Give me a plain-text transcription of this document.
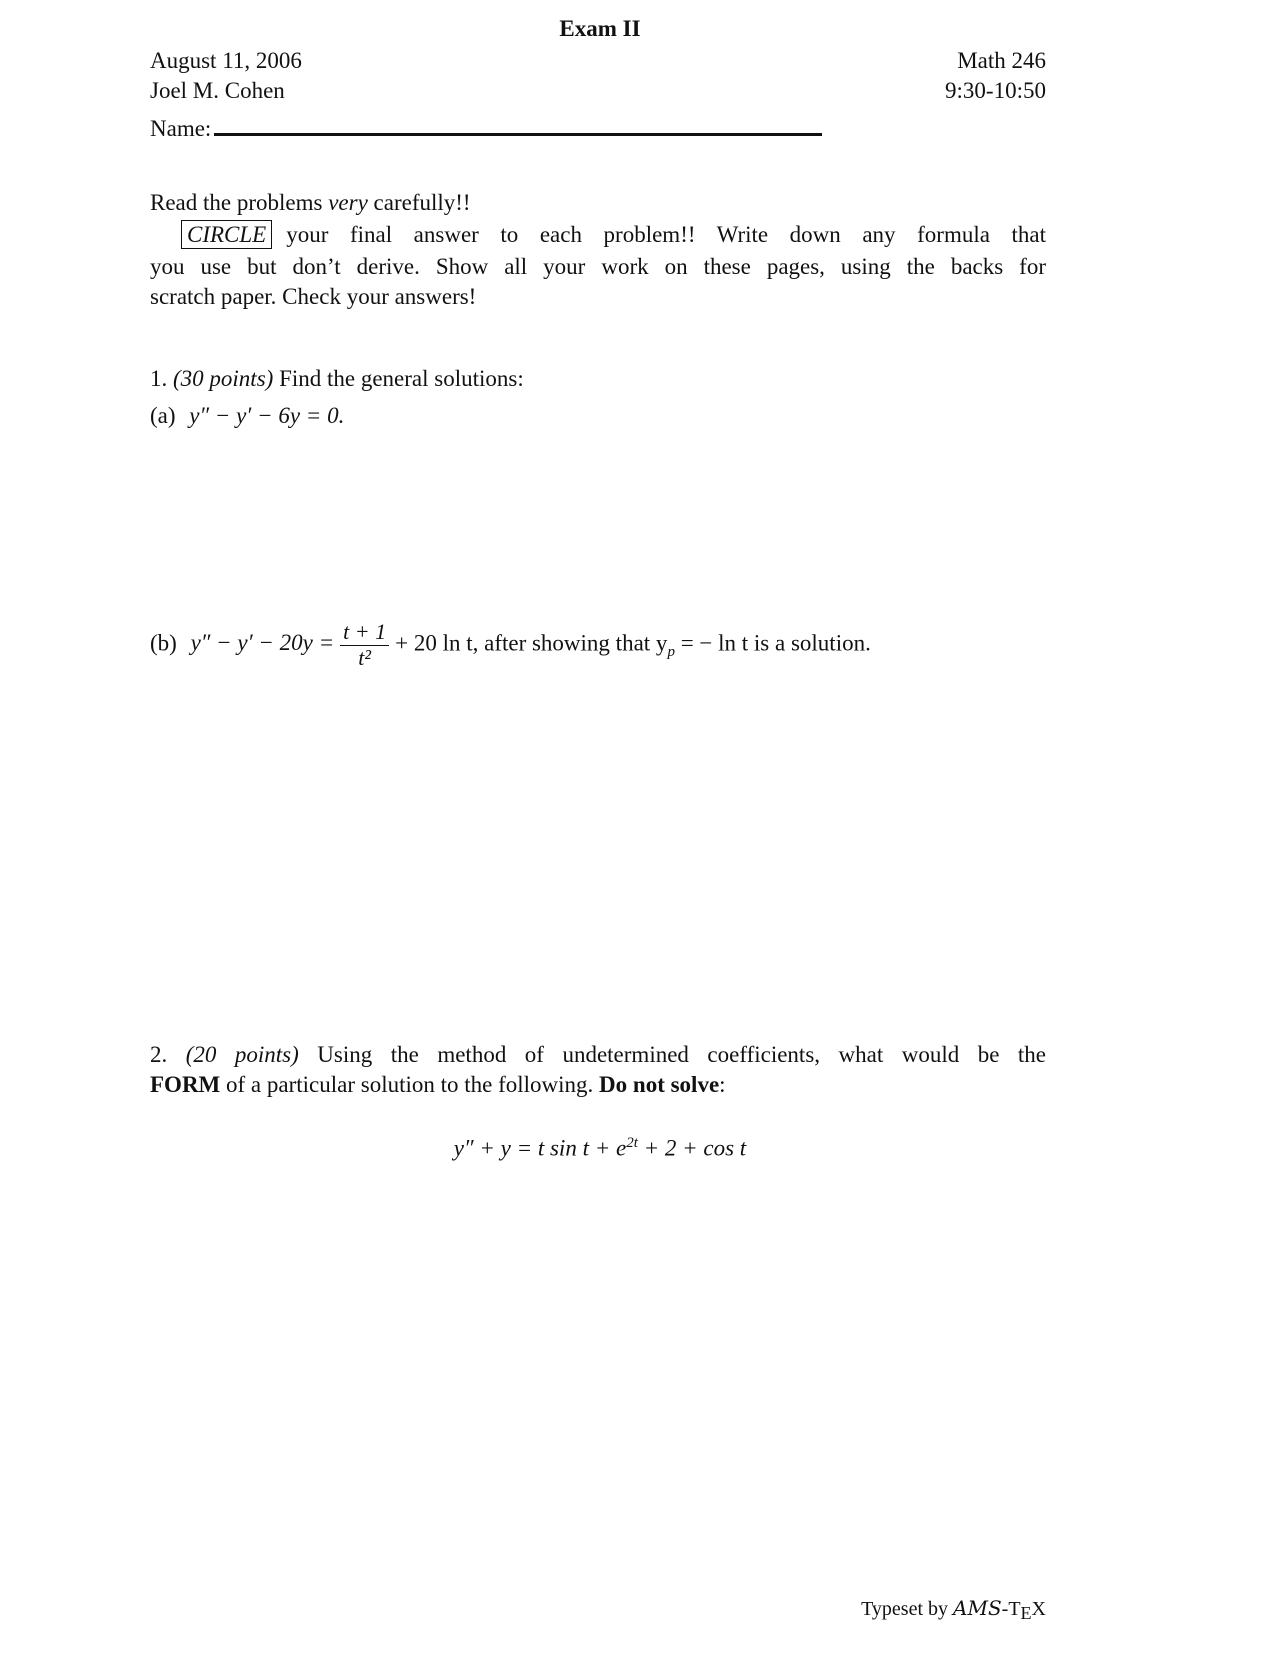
Exam II
August 11, 2006
Joel M. Cohen
Math 246
9:30-10:50
Name:
Read the problems very carefully!!
CIRCLE your final answer to each problem!! Write down any formula that
you use but don’t derive. Show all your work on these pages, using the backs for
scratch paper. Check your answers!
1. (30 points) Find the general solutions:
(a) y″ − y′ − 6y = 0.
(b) $y'' - y' - 20y = \frac{t + 1}{\text{t²}} + 20$ ln t, after showing that $y_p$ = − ln t is a solution.
2. (20 points) Using the method of undetermined coefficients, what would be the
FORM of a particular solution to the following. Do not solve:
y″ + y = t $\sin t + e^{2t} + 2 + \cos t$
Typeset by AMS-TEX
